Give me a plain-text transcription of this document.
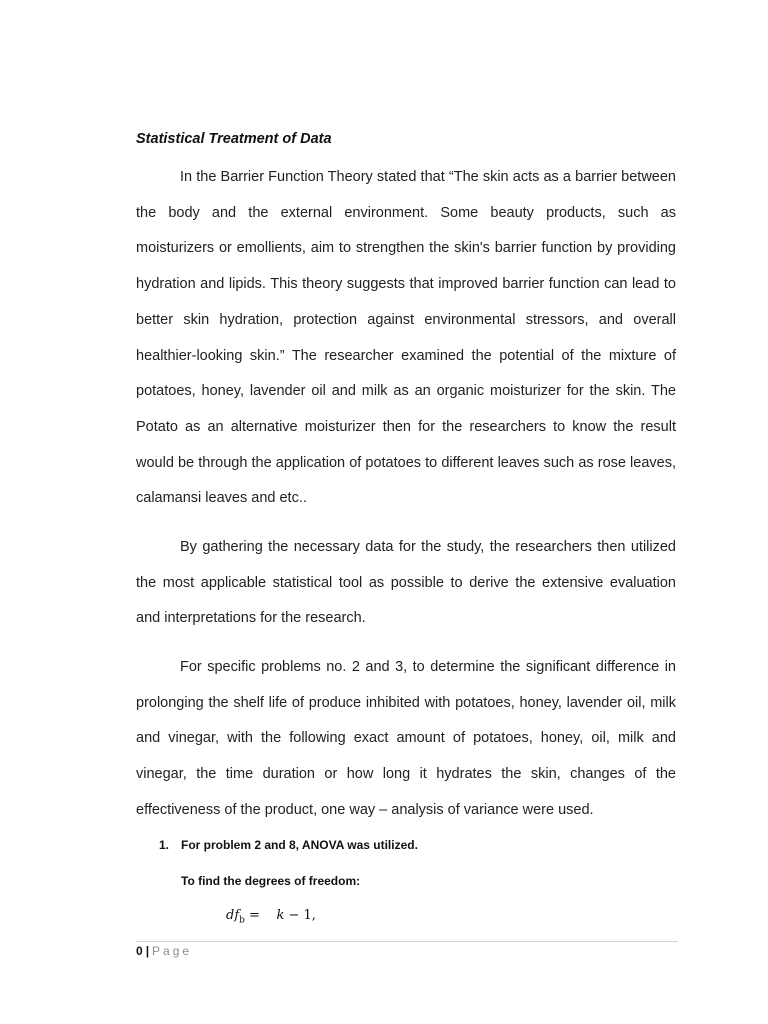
Statistical Treatment of Data

In the Barrier Function Theory stated that “The skin acts as a barrier between the body and the external environment. Some beauty products, such as moisturizers or emollients, aim to strengthen the skin's barrier function by providing hydration and lipids. This theory suggests that improved barrier function can lead to better skin hydration, protection against environmental stressors, and overall healthier-looking skin.” The researcher examined the potential of the mixture of potatoes, honey, lavender oil and milk as an organic moisturizer for the skin. The Potato as an alternative moisturizer then for the researchers to know the result would be through the application of potatoes to different leaves such as rose leaves, calamansi leaves and etc..

By gathering the necessary data for the study, the researchers then utilized the most applicable statistical tool as possible to derive the extensive evaluation and interpretations for the research.

For specific problems no. 2 and 3, to determine the significant difference in prolonging the shelf life of produce inhibited with potatoes, honey, lavender oil, milk and vinegar, with the following exact amount of potatoes, honey, oil, milk and vinegar, the time duration or how long it hydrates the skin, changes of the effectiveness of the product, one way – analysis of variance were used.

1. For problem 2 and 8, ANOVA was utilized.
To find the degrees of freedom:
$df_b$ =    k − 1,
0 | Page
